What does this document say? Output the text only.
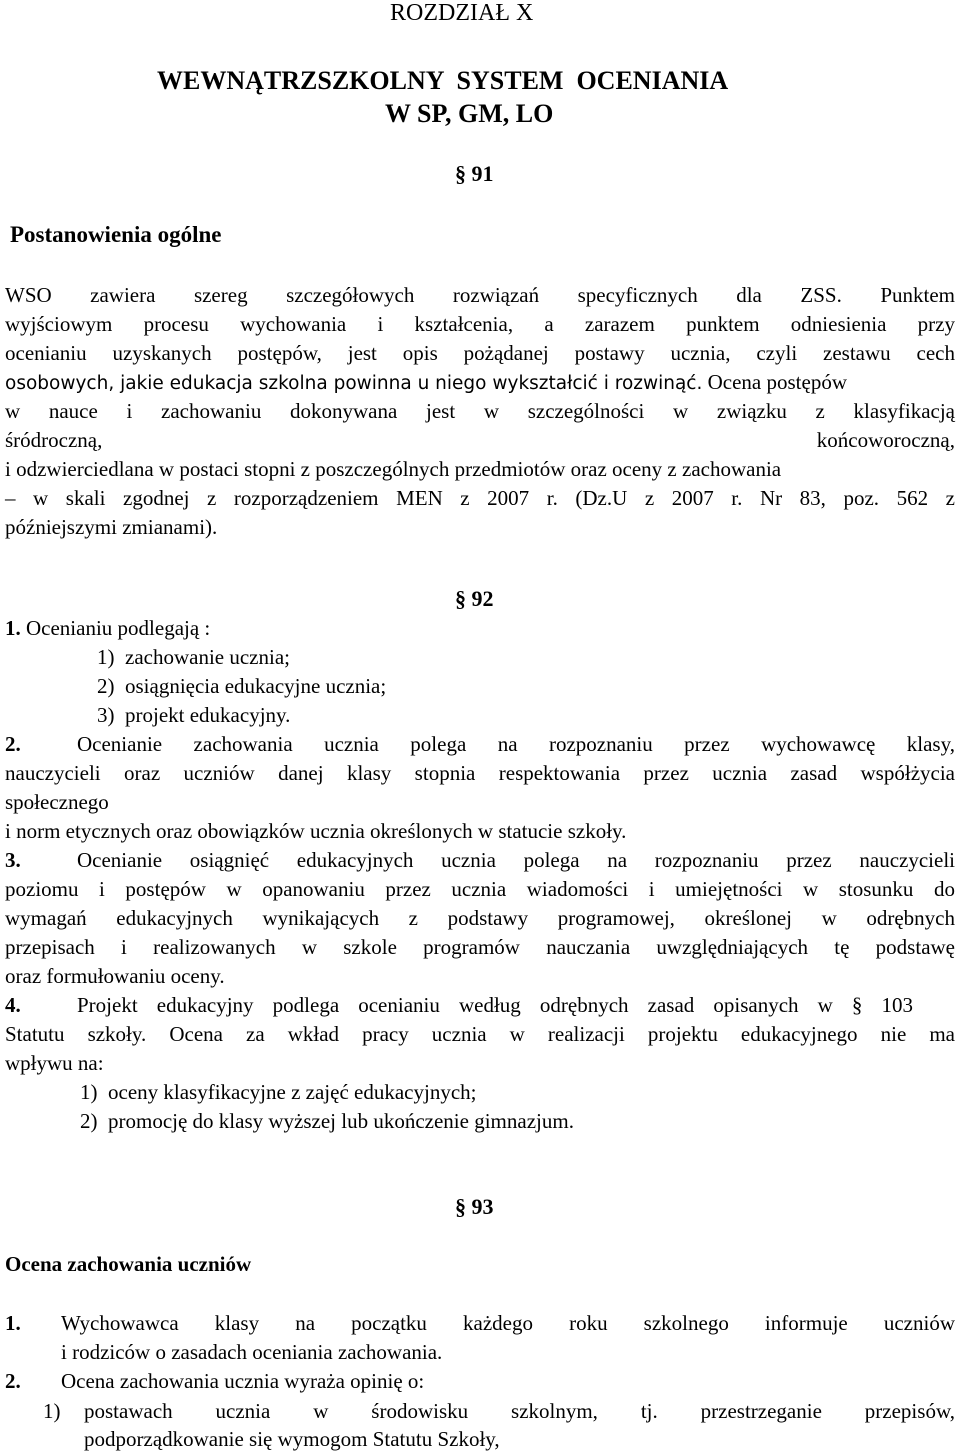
ROZDZIAŁ X
WEWNĄTRZSZKOLNY  SYSTEM  OCENIANIA
W SP, GM, LO
§ 91
Postanowienia ogólne
WSO zawiera szereg szczegółowych rozwiązań specyficznych dla ZSS. Punktem
wyjściowym procesu wychowania i kształcenia, a zarazem punktem odniesienia przy
ocenianiu uzyskanych postępów, jest opis pożądanej postawy ucznia, czyli zestawu cech
osobowych, jakie edukacja szkolna powinna u niego wykształcić i rozwinąć. Ocena postępów
w nauce i zachowaniu dokonywana jest w szczególności w związku z klasyfikacją
śródroczną,	końcoworoczną,
i odzwierciedlana w postaci stopni z poszczególnych przedmiotów oraz oceny z zachowania
– w skali zgodnej z rozporządzeniem MEN z 2007 r. (Dz.U z 2007 r. Nr 83, poz. 562 z
późniejszymi zmianami).
§ 92
1. Ocenianiu podlegają :
1)  zachowanie ucznia;
2)  osiągnięcia edukacyjne ucznia;
3)  projekt edukacyjny.
2.	Ocenianie zachowania ucznia polega na rozpoznaniu przez wychowawcę klasy,
nauczycieli oraz uczniów danej klasy stopnia respektowania przez ucznia zasad współżycia
społecznego
i norm etycznych oraz obowiązków ucznia określonych w statucie szkoły.
3.	Ocenianie osiągnięć edukacyjnych ucznia polega na rozpoznaniu przez nauczycieli
poziomu i postępów w opanowaniu przez ucznia wiadomości i umiejętności w stosunku do
wymagań edukacyjnych wynikających z podstawy programowej, określonej w odrębnych
przepisach i realizowanych w szkole programów nauczania uwzględniających tę podstawę
oraz formułowaniu oceny.
4.	Projekt edukacyjny podlega ocenianiu według odrębnych zasad opisanych w § 103
Statutu szkoły. Ocena za wkład pracy ucznia w realizacji projektu edukacyjnego nie ma
wpływu na:
1)  oceny klasyfikacyjne z zajęć edukacyjnych;
2)  promocję do klasy wyższej lub ukończenie gimnazjum.
§ 93
Ocena zachowania uczniów
1. Wychowawca klasy na początku każdego roku szkolnego informuje uczniów
i rodziców o zasadach oceniania zachowania.
2. Ocena zachowania ucznia wyraża opinię o:
1) postawach ucznia w środowisku szkolnym, tj. przestrzeganie przepisów,
podporządkowanie się wymogom Statutu Szkoły,
